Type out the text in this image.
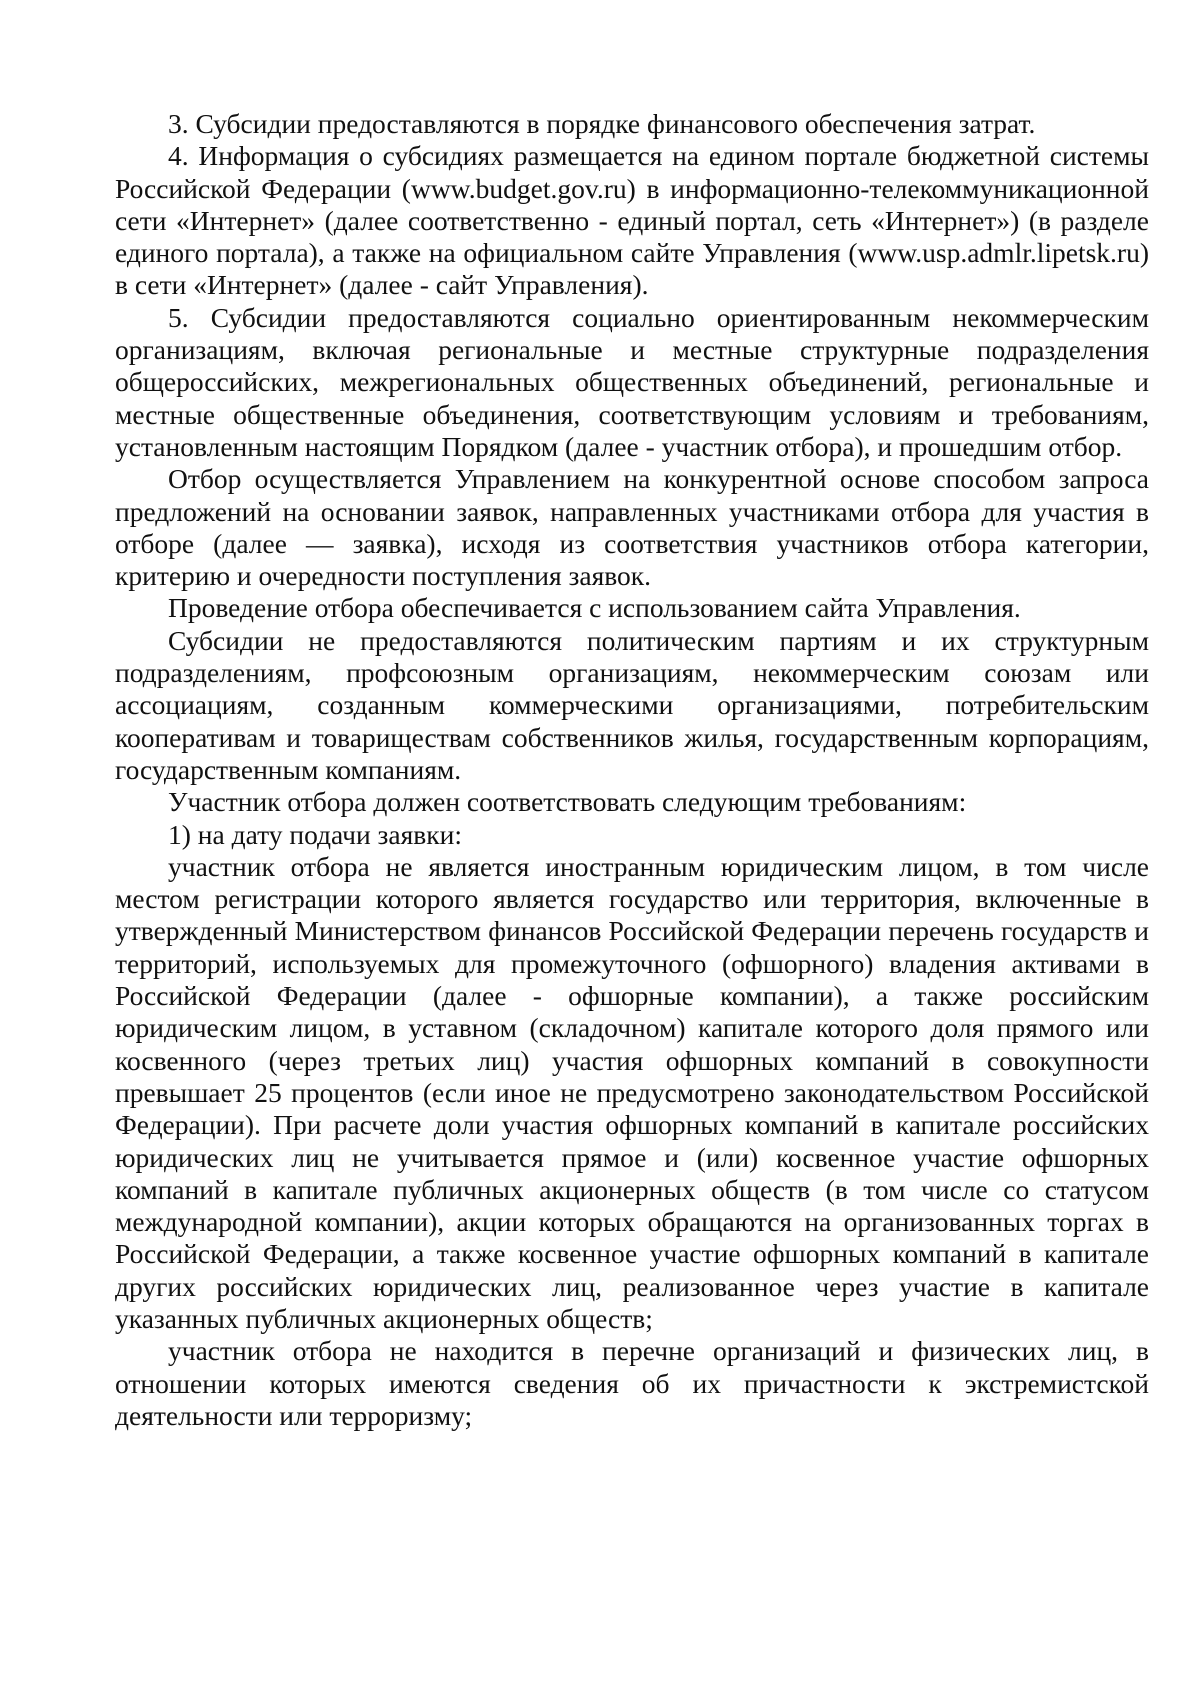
3. Субсидии предоставляются в порядке финансового обеспечения затрат.

4. Информация о субсидиях размещается на едином портале бюджетной системы Российской Федерации (www.budget.gov.ru) в информационно-телекоммуникационной сети «Интернет» (далее соответственно - единый портал, сеть «Интернет») (в разделе единого портала), а также на официальном сайте Управления (www.usp.admlr.lipetsk.ru) в сети «Интернет» (далее - сайт Управления).

5. Субсидии предоставляются социально ориентированным некоммерческим организациям, включая региональные и местные структурные подразделения общероссийских, межрегиональных общественных объединений, региональные и местные общественные объединения, соответствующим условиям и требованиям, установленным настоящим Порядком (далее - участник отбора), и прошедшим отбор.

Отбор осуществляется Управлением на конкурентной основе способом запроса предложений на основании заявок, направленных участниками отбора для участия в отборе (далее — заявка), исходя из соответствия участников отбора категории, критерию и очередности поступления заявок.

Проведение отбора обеспечивается с использованием сайта Управления.

Субсидии не предоставляются политическим партиям и их структурным подразделениям, профсоюзным организациям, некоммерческим союзам или ассоциациям, созданным коммерческими организациями, потребительским кооперативам и товариществам собственников жилья, государственным корпорациям, государственным компаниям.

Участник отбора должен соответствовать следующим требованиям:

1) на дату подачи заявки:

участник отбора не является иностранным юридическим лицом, в том числе местом регистрации которого является государство или территория, включенные в утвержденный Министерством финансов Российской Федерации перечень государств и территорий, используемых для промежуточного (офшорного) владения активами в Российской Федерации (далее - офшорные компании), а также российским юридическим лицом, в уставном (складочном) капитале которого доля прямого или косвенного (через третьих лиц) участия офшорных компаний в совокупности превышает 25 процентов (если иное не предусмотрено законодательством Российской Федерации). При расчете доли участия офшорных компаний в капитале российских юридических лиц не учитывается прямое и (или) косвенное участие офшорных компаний в капитале публичных акционерных обществ (в том числе со статусом международной компании), акции которых обращаются на организованных торгах в Российской Федерации, а также косвенное участие офшорных компаний в капитале других российских юридических лиц, реализованное через участие в капитале указанных публичных акционерных обществ;

участник отбора не находится в перечне организаций и физических лиц, в отношении которых имеются сведения об их причастности к экстремистской деятельности или терроризму;
